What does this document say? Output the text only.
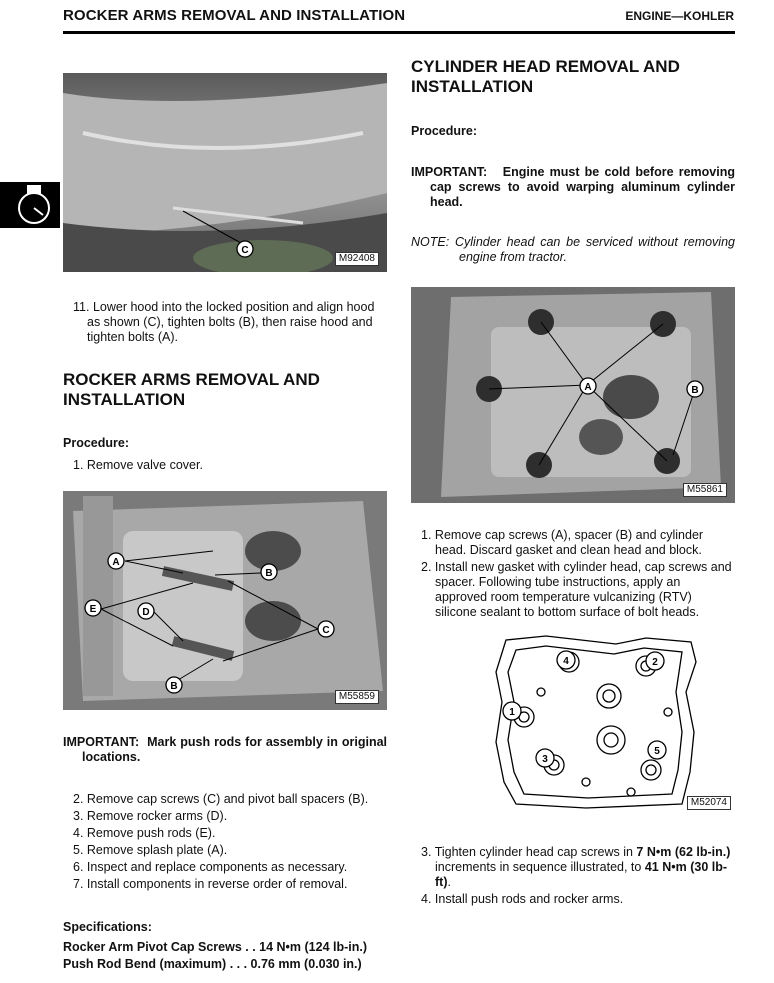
ROCKER ARMS REMOVAL AND INSTALLATION	ENGINE—KOHLER
C
M92408

11. Lower hood into the locked position and align hood as shown (C), tighten bolts (B), then raise hood and tighten bolts (A).

ROCKER ARMS REMOVAL AND
INSTALLATION
Procedure:
1. Remove valve cover.
A
B
C
D
E
B
M55859

IMPORTANT: Mark push rods for assembly in original locations.

2. Remove cap screws (C) and pivot ball spacers (B).
3. Remove rocker arms (D).
4. Remove push rods (E).
5. Remove splash plate (A).
6. Inspect and replace components as necessary.
7. Install components in reverse order of removal.
Specifications:
Rocker Arm Pivot Cap Screws . . 14 N•m (124 lb-in.)
Push Rod Bend (maximum) . . . 0.76 mm (0.030 in.)
CYLINDER HEAD REMOVAL AND
INSTALLATION
Procedure:

IMPORTANT: Engine must be cold before removing cap screws to avoid warping aluminum cylinder head.

NOTE: Cylinder head can be serviced without removing engine from tractor.

A	B
M55861

1. Remove cap screws (A), spacer (B) and cylinder head. Discard gasket and clean head and block.

2. Install new gasket with cylinder head, cap screws and spacer. Following tube instructions, apply an approved room temperature vulcanizing (RTV) silicone sealant to bottom surface of bolt heads.

1
2
3
4
5
M52074

3. Tighten cylinder head cap screws in 7 N•m (62 lb-in.) increments in sequence illustrated, to 41 N•m (30 lb-ft).

4. Install push rods and rocker arms.
